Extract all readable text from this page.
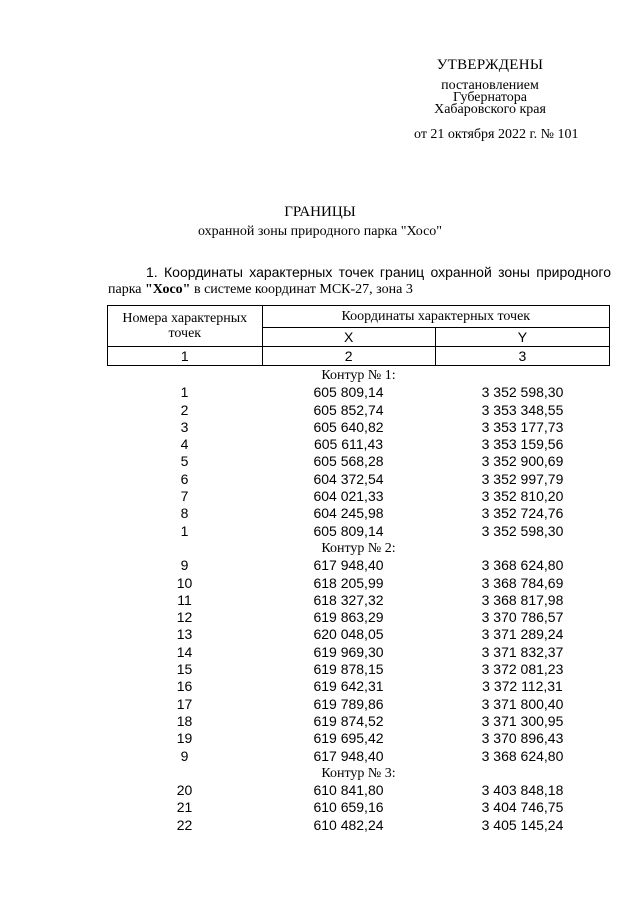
УТВЕРЖДЕНЫ
постановлением
Губернатора
Хабаровского края
от 21 октября 2022 г. № 101
ГРАНИЦЫ
охранной зоны природного парка "Хосо"
1. Координаты характерных точек границ охранной зоны природного
парка "Хосо" в системе координат МСК-27, зона 3
Номера характерных точек	Координаты характерных точек	
	X	Y
1	2	3
Контур № 1:		
1	605 809,14	3 352 598,30
2	605 852,74	3 353 348,55
3	605 640,82	3 353 177,73
4	605 611,43	3 353 159,56
5	605 568,28	3 352 900,69
6	604 372,54	3 352 997,79
7	604 021,33	3 352 810,20
8	604 245,98	3 352 724,76
1	605 809,14	3 352 598,30
Контур № 2:		
9	617 948,40	3 368 624,80
10	618 205,99	3 368 784,69
11	618 327,32	3 368 817,98
12	619 863,29	3 370 786,57
13	620 048,05	3 371 289,24
14	619 969,30	3 371 832,37
15	619 878,15	3 372 081,23
16	619 642,31	3 372 112,31
17	619 789,86	3 371 800,40
18	619 874,52	3 371 300,95
19	619 695,42	3 370 896,43
9	617 948,40	3 368 624,80
Контур № 3:		
20	610 841,80	3 403 848,18
21	610 659,16	3 404 746,75
22	610 482,24	3 405 145,24
